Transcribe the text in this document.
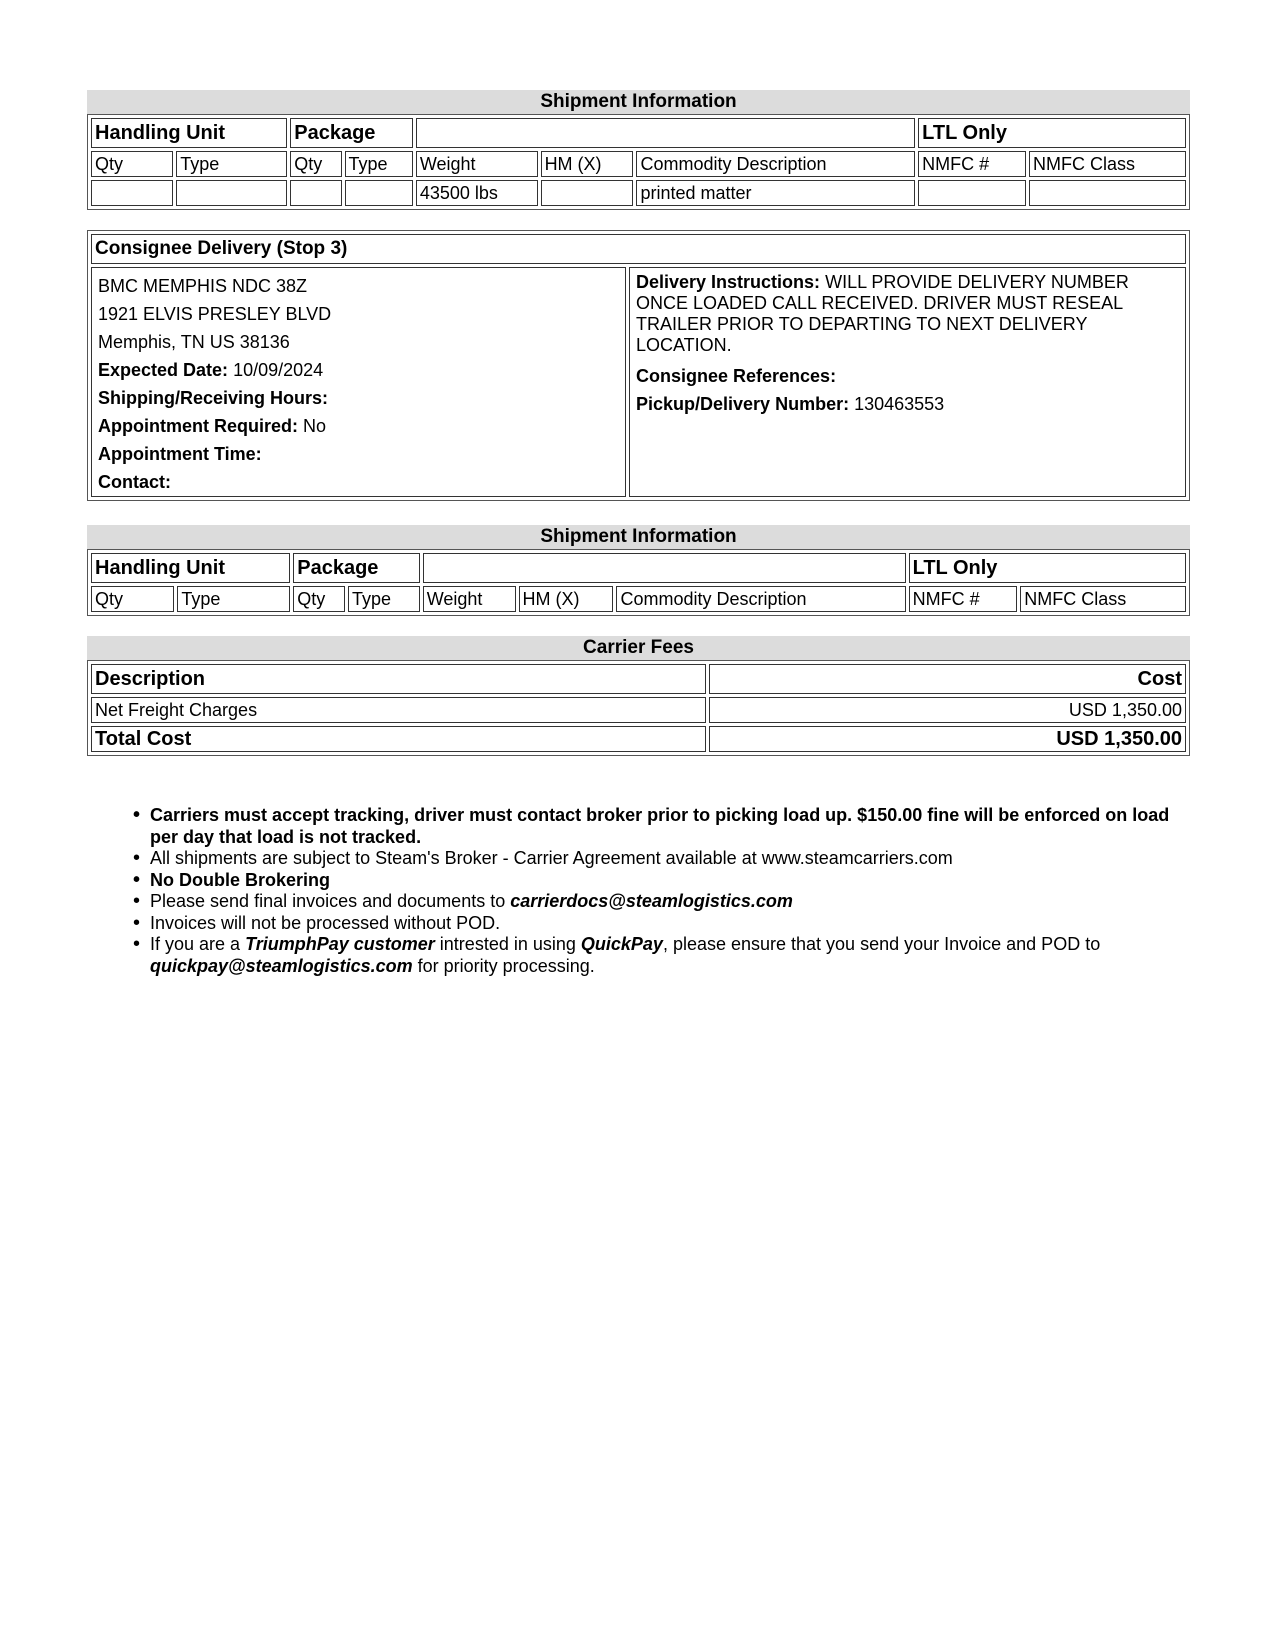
Shipment Information
Handling Unit		Package					LTL Only	
Qty	Type	Qty	Type	Weight	HM (X)	Commodity Description	NMFC #	NMFC Class
				43500 lbs		printed matter		
Consignee Delivery (Stop 3)
BMC MEMPHIS NDC 38Z
1921 ELVIS PRESLEY BLVD
Memphis, TN US 38136
Expected Date: 10/09/2024
Shipping/Receiving Hours:
Appointment Required: No
Appointment Time:
Contact:
Delivery Instructions: WILL PROVIDE DELIVERY NUMBER ONCE LOADED CALL RECEIVED. DRIVER MUST RESEAL TRAILER PRIOR TO DEPARTING TO NEXT DELIVERY LOCATION.
Consignee References:
Pickup/Delivery Number: 130463553
Shipment Information
Handling Unit		Package					LTL Only	
Qty	Type	Qty	Type	Weight	HM (X)	Commodity Description	NMFC #	NMFC Class
Carrier Fees
Description	Cost
Net Freight Charges	USD 1,350.00
Total Cost	USD 1,350.00
• Carriers must accept tracking, driver must contact broker prior to picking load up. $150.00 fine will be enforced on load per day that load is not tracked.
• All shipments are subject to Steam's Broker - Carrier Agreement available at www.steamcarriers.com
• No Double Brokering
• Please send final invoices and documents to carrierdocs@steamlogistics.com
• Invoices will not be processed without POD.
• If you are a TriumphPay customer intrested in using QuickPay, please ensure that you send your Invoice and POD to quickpay@steamlogistics.com for priority processing.
